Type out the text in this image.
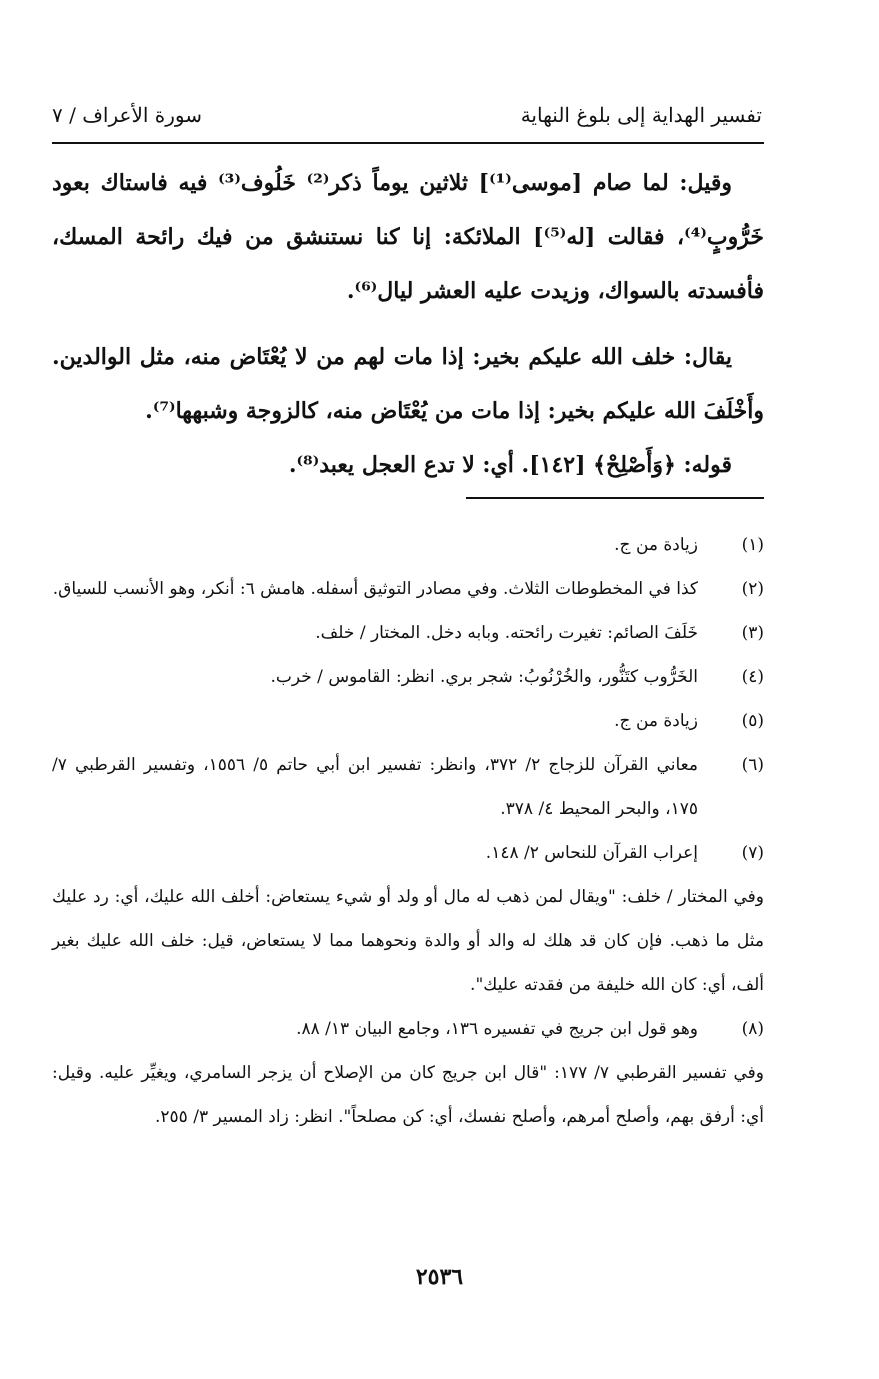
تفسير الهداية إلى بلوغ النهاية
سورة الأعراف / ٧

وقيل: لما صام [موسى⁽¹⁾] ثلاثين يوماً ذكر⁽²⁾ خَلُوف⁽³⁾ فيه فاستاك بعود خَرُّوبٍ⁽⁴⁾، فقالت [له⁽⁵⁾] الملائكة: إنا كنا نستنشق من فيك رائحة المسك، فأفسدته بالسواك، وزيدت عليه العشر ليال⁽⁶⁾.

يقال: خلف الله عليكم بخير: إذا مات لهم من لا يُعْتَاض منه، مثل الوالدين. وأَخْلَفَ الله عليكم بخير: إذا مات من يُعْتَاض منه، كالزوجة وشبهها⁽⁷⁾.

قوله: ﴿وَأَصْلِحْ﴾ [١٤٢]. أي: لا تدع العجل يعبد⁽⁸⁾.

(١)
زيادة من ج.
(٢)
كذا في المخطوطات الثلاث. وفي مصادر التوثيق أسفله. هامش ٦: أنكر، وهو الأنسب للسياق.
(٣)
خَلَفَ الصائم: تغيرت رائحته. وبابه دخل. المختار / خلف.
(٤)
الخَرُّوب كتَنُّور، والخُرْنُوبُ: شجر بري. انظر: القاموس / خرب.
(٥)
زيادة من ج.
(٦)
معاني القرآن للزجاج ٢/ ٣٧٢، وانظر: تفسير ابن أبي حاتم ٥/ ١٥٥٦، وتفسير القرطبي ٧/ ١٧٥، والبحر المحيط ٤/ ٣٧٨.
(٧)
إعراب القرآن للنحاس ٢/ ١٤٨.
وفي المختار / خلف: "ويقال لمن ذهب له مال أو ولد أو شيء يستعاض: أخلف الله عليك، أي: رد عليك مثل ما ذهب. فإن كان قد هلك له والد أو والدة ونحوهما مما لا يستعاض، قيل: خلف الله عليك بغير ألف، أي: كان الله خليفة من فقدته عليك".
(٨)
وهو قول ابن جريج في تفسيره ١٣٦، وجامع البيان ١٣/ ٨٨.
وفي تفسير القرطبي ٧/ ١٧٧: "قال ابن جريج كان من الإصلاح أن يزجر السامري، ويغيِّر عليه. وقيل: أي: أرفق بهم، وأصلح أمرهم، وأصلح نفسك، أي: كن مصلحاً". انظر: زاد المسير ٣/ ٢٥٥.
٢٥٣٦
